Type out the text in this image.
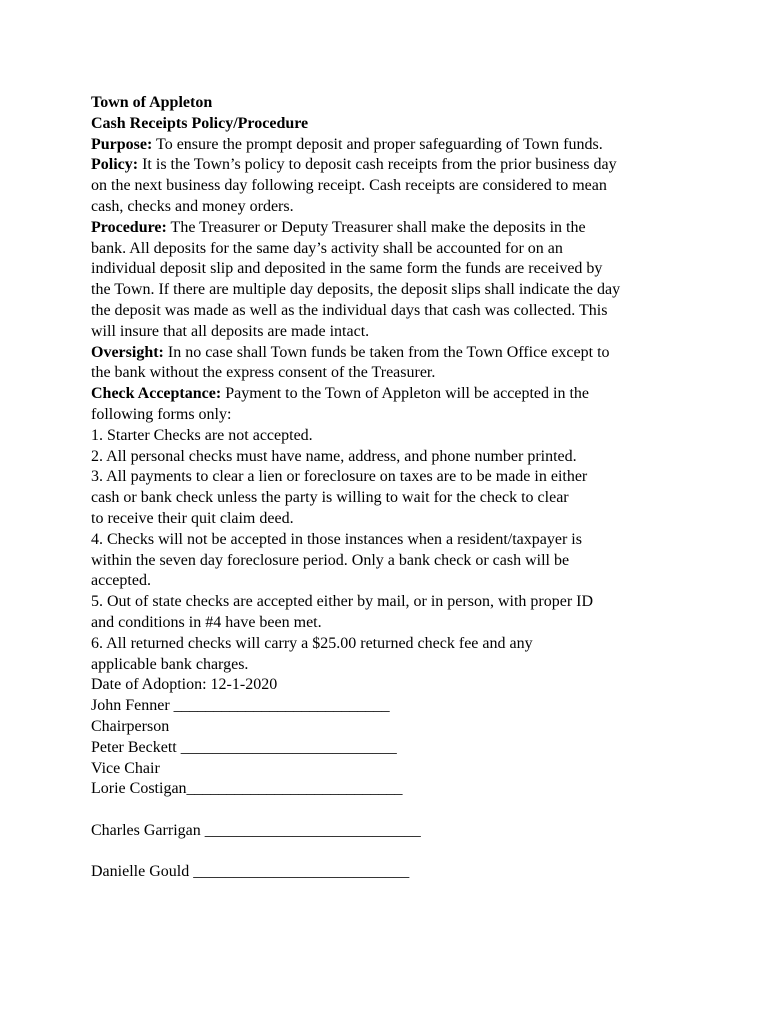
Town of Appleton
Cash Receipts Policy/Procedure
Purpose: To ensure the prompt deposit and proper safeguarding of Town funds.
Policy: It is the Town’s policy to deposit cash receipts from the prior business day
on the next business day following receipt. Cash receipts are considered to mean
cash, checks and money orders.
Procedure: The Treasurer or Deputy Treasurer shall make the deposits in the
bank. All deposits for the same day’s activity shall be accounted for on an
individual deposit slip and deposited in the same form the funds are received by
the Town. If there are multiple day deposits, the deposit slips shall indicate the day
the deposit was made as well as the individual days that cash was collected. This
will insure that all deposits are made intact.
Oversight: In no case shall Town funds be taken from the Town Office except to
the bank without the express consent of the Treasurer.
Check Acceptance: Payment to the Town of Appleton will be accepted in the
following forms only:
1. Starter Checks are not accepted.
2. All personal checks must have name, address, and phone number printed.
3. All payments to clear a lien or foreclosure on taxes are to be made in either
cash or bank check unless the party is willing to wait for the check to clear
to receive their quit claim deed.
4. Checks will not be accepted in those instances when a resident/taxpayer is
within the seven day foreclosure period. Only a bank check or cash will be
accepted.
5. Out of state checks are accepted either by mail, or in person, with proper ID
and conditions in #4 have been met.
6. All returned checks will carry a $25.00 returned check fee and any
applicable bank charges.
Date of Adoption: 12-1-2020
John Fenner ___________________________
Chairperson
Peter Beckett ___________________________
Vice Chair
Lorie Costigan___________________________
Charles Garrigan ___________________________
Danielle Gould ___________________________
